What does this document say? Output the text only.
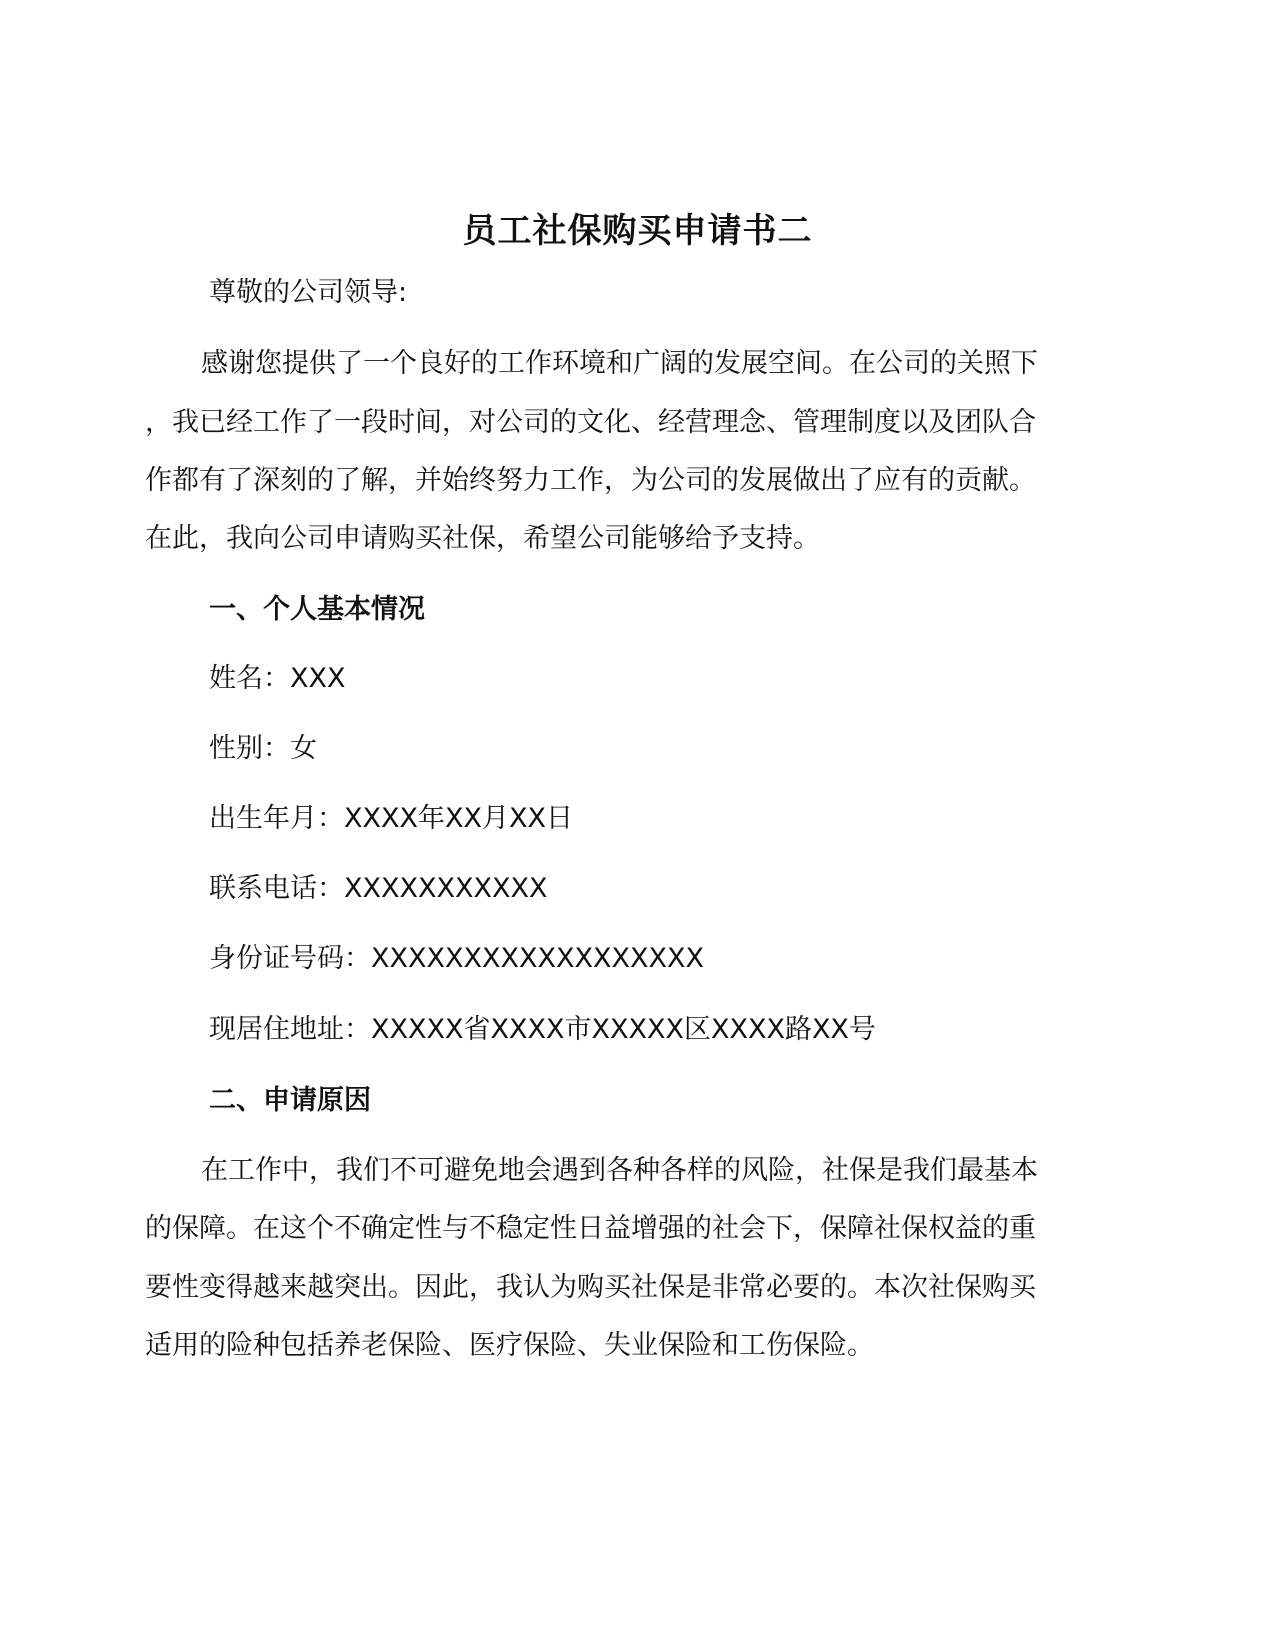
员工社保购买申请书二
尊敬的公司领导:
感谢您提供了一个良好的工作环境和广阔的发展空间。在公司的关照下
，我已经工作了一段时间，对公司的文化、经营理念、管理制度以及团队合
作都有了深刻的了解，并始终努力工作，为公司的发展做出了应有的贡献。
在此，我向公司申请购买社保，希望公司能够给予支持。
一、个人基本情况
姓名：XXX
性别：女
出生年月：XXXX年XX月XX日
联系电话：XXXXXXXXXXX
身份证号码：XXXXXXXXXXXXXXXXXX
现居住地址：XXXXX省XXXX市XXXXX区XXXX路XX号
二、申请原因
在工作中，我们不可避免地会遇到各种各样的风险，社保是我们最基本
的保障。在这个不确定性与不稳定性日益增强的社会下，保障社保权益的重
要性变得越来越突出。因此，我认为购买社保是非常必要的。本次社保购买
适用的险种包括养老保险、医疗保险、失业保险和工伤保险。
